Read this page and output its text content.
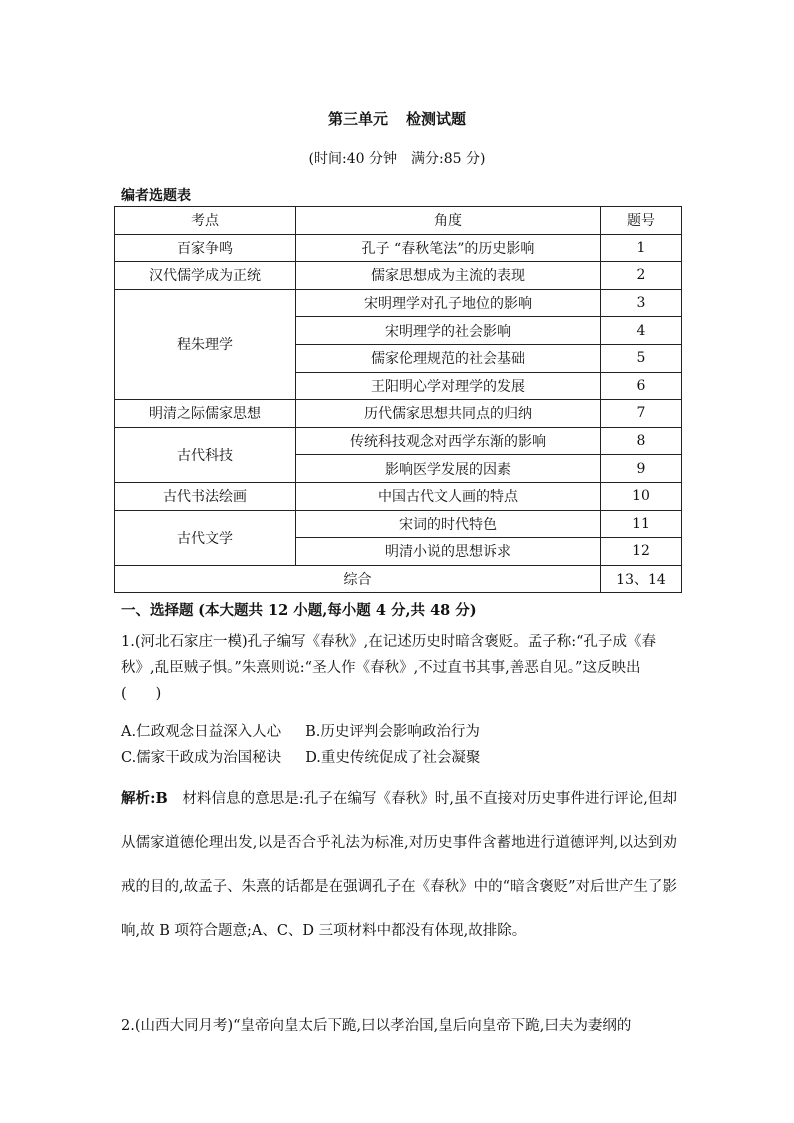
第三单元 检测试题
(时间:40 分钟　满分:85 分)
编者选题表
考点	角度	题号
百家争鸣	孔子 “春秋笔法”的历史影响	1
汉代儒学成为正统	儒家思想成为主流的表现	2
程朱理学	宋明理学对孔子地位的影响	3
	宋明理学的社会影响	4
	儒家伦理规范的社会基础	5
	王阳明心学对理学的发展	6
明清之际儒家思想	历代儒家思想共同点的归纳	7
古代科技	传统科技观念对西学东渐的影响	8
	影响医学发展的因素	9
古代书法绘画	中国古代文人画的特点	10
古代文学	宋词的时代特色	11
	明清小说的思想诉求	12
综合		13、14
一、选择题 (本大题共 12 小题,每小题 4 分,共 48 分)
1.(河北石家庄一模)孔子编写《春秋》,在记述历史时暗含褒贬。孟子称:“孔子成《春秋》,乱臣贼子惧。”朱熹则说:“圣人作《春秋》,不过直书其事,善恶自见。”这反映出(　　)
A.仁政观念日益深入人心 B.历史评判会影响政治行为
C.儒家干政成为治国秘诀 D.重史传统促成了社会凝聚
解析:B　 材料信息的意思是:孔子在编写《春秋》时,虽不直接对历史事件进行评论,但却从儒家道德伦理出发,以是否合乎礼法为标准,对历史事件含蓄地进行道德评判,以达到劝戒的目的,故孟子、朱熹的话都是在强调孔子在《春秋》中的“暗含褒贬”对后世产生了影响,故 B 项符合题意;A、C、D 三项材料中都没有体现,故排除。
2.(山西大同月考)“皇帝向皇太后下跪,曰以孝治国,皇后向皇帝下跪,曰夫为妻纲的
